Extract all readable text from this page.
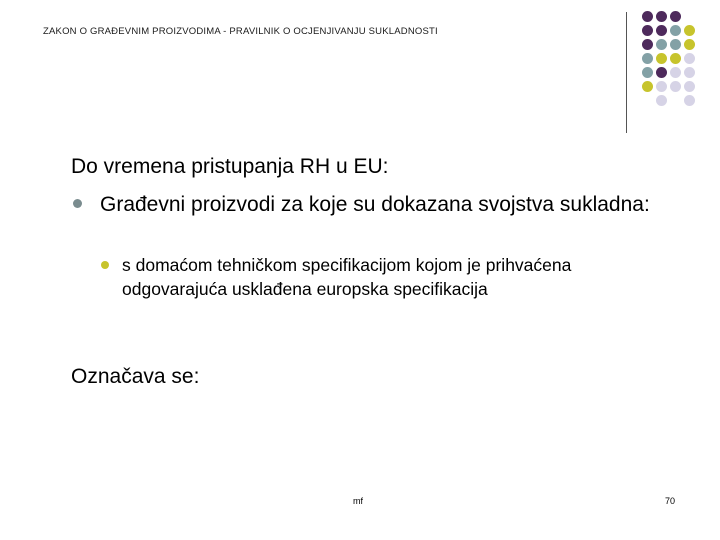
ZAKON O GRAĐEVNIM PROIZVODIMA - PRAVILNIK O OCJENJIVANJU SUKLADNOSTI
Do vremena pristupanja RH u EU:
Građevni proizvodi za koje su dokazana svojstva sukladna:
s domaćom tehničkom specifikacijom kojom je prihvaćena odgovarajuća usklađena europska specifikacija
Označava se:
mf	70
